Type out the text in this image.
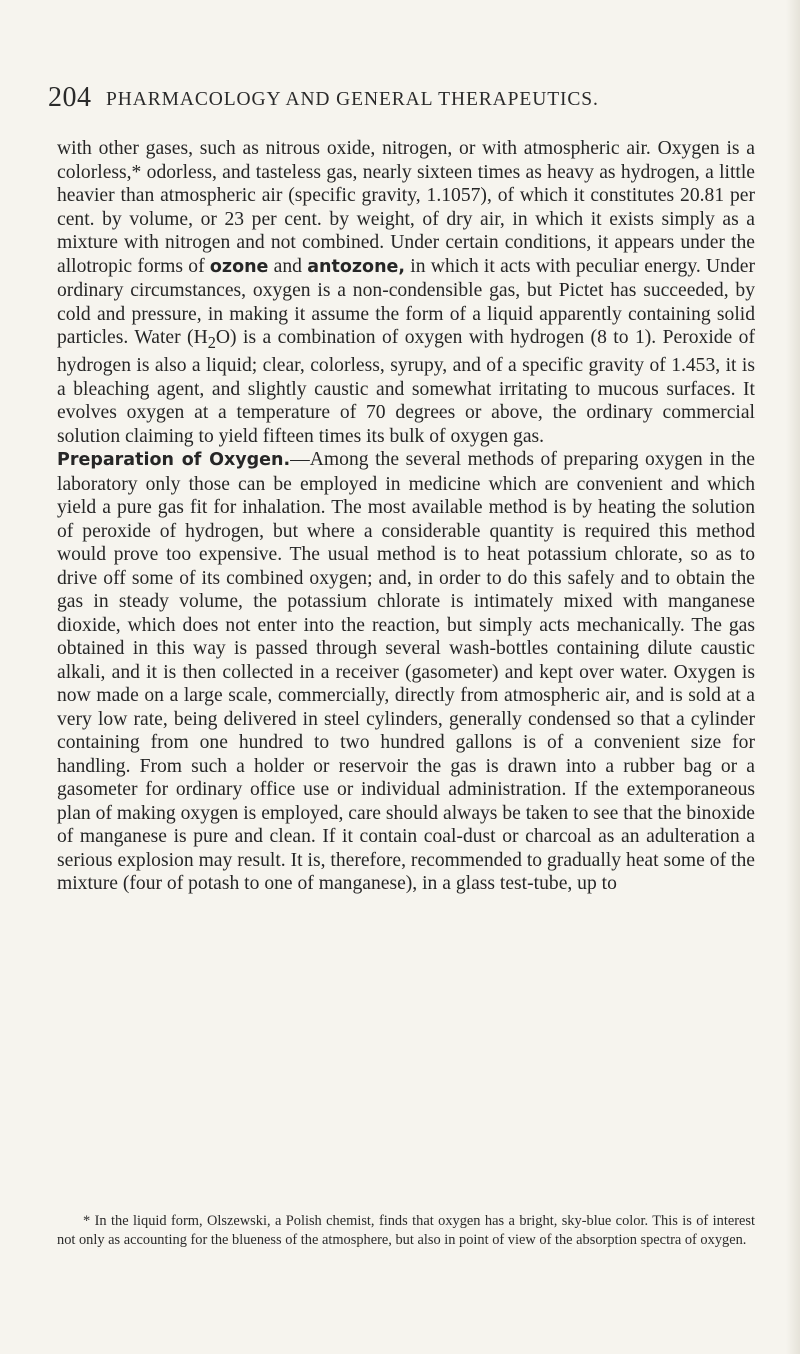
204 PHARMACOLOGY AND GENERAL THERAPEUTICS.

with other gases, such as nitrous oxide, nitrogen, or with atmospheric air. Oxygen is a colorless,* odorless, and tasteless gas, nearly sixteen times as heavy as hydrogen, a little heavier than atmospheric air (specific gravity, 1.1057), of which it constitutes 20.81 per cent. by volume, or 23 per cent. by weight, of dry air, in which it exists simply as a mixture with nitrogen and not combined. Under certain conditions, it appears under the allotropic forms of ozone and antozone, in which it acts with peculiar energy. Under ordinary circumstances, oxygen is a non-condensible gas, but Pictet has succeeded, by cold and pressure, in making it assume the form of a liquid apparently containing solid particles. Water $(H_2O)$ is a combination of oxygen with hydrogen (8 to 1). Peroxide of hydrogen is also a liquid; clear, colorless, syrupy, and of a specific gravity of 1.453, it is a bleaching agent, and slightly caustic and somewhat irritating to mucous surfaces. It evolves oxygen at a temperature of 70 degrees or above, the ordinary commercial solution claiming to yield fifteen times its bulk of oxygen gas.

Preparation of Oxygen.—Among the several methods of preparing oxygen in the laboratory only those can be employed in medicine which are convenient and which yield a pure gas fit for inhalation. The most available method is by heating the solution of peroxide of hydrogen, but where a considerable quantity is required this method would prove too expensive. The usual method is to heat potassium chlorate, so as to drive off some of its combined oxygen; and, in order to do this safely and to obtain the gas in steady volume, the potassium chlorate is intimately mixed with manganese dioxide, which does not enter into the reaction, but simply acts mechanically. The gas obtained in this way is passed through several wash-bottles containing dilute caustic alkali, and it is then collected in a receiver (gasometer) and kept over water. Oxygen is now made on a large scale, commercially, directly from atmospheric air, and is sold at a very low rate, being delivered in steel cylinders, generally condensed so that a cylinder containing from one hundred to two hundred gallons is of a convenient size for handling. From such a holder or reservoir the gas is drawn into a rubber bag or a gasometer for ordinary office use or individual administration. If the extemporaneous plan of making oxygen is employed, care should always be taken to see that the binoxide of manganese is pure and clean. If it contain coal-dust or charcoal as an adulteration a serious explosion may result. It is, therefore, recommended to gradually heat some of the mixture (four of potash to one of manganese), in a glass test-tube, up to

* In the liquid form, Olszewski, a Polish chemist, finds that oxygen has a bright, sky-blue color. This is of interest not only as accounting for the blueness of the atmosphere, but also in point of view of the absorption spectra of oxygen.
